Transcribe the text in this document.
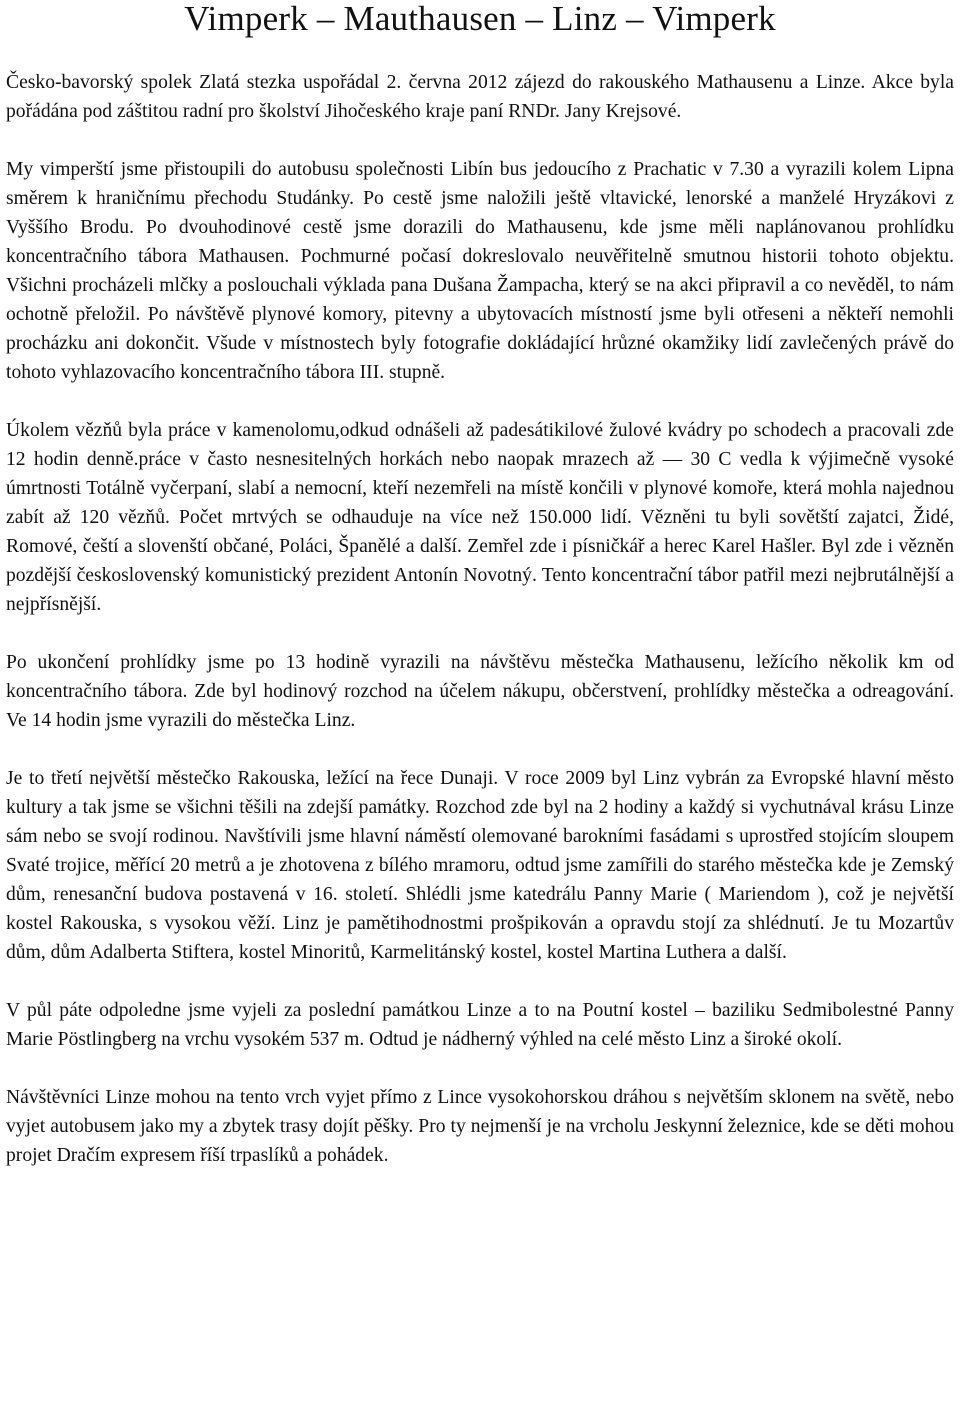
Vimperk – Mauthausen – Linz – Vimperk

Česko-bavorský spolek Zlatá stezka uspořádal 2. června 2012 zájezd do rakouského Mathausenu a Linze. Akce byla pořádána pod záštitou radní pro školství Jihočeského kraje paní RNDr. Jany Krejsové.

My vimperští jsme přistoupili do autobusu společnosti Libín bus jedoucího z Prachatic v 7.30 a vyrazili kolem Lipna směrem k hraničnímu přechodu Studánky. Po cestě jsme naložili ještě vltavické, lenorské a manželé Hryzákovi z Vyššího Brodu. Po dvouhodinové cestě jsme dorazili do Mathausenu, kde jsme měli naplánovanou prohlídku koncentračního tábora Mathausen. Pochmurné počasí dokreslovalo neuvěřitelně smutnou historii tohoto objektu. Všichni procházeli mlčky a poslouchali výklada pana Dušana Žampacha, který se na akci připravil a co nevěděl, to nám ochotně přeložil. Po návštěvě plynové komory, pitevny a ubytovacích místností jsme byli otřeseni a někteří nemohli procházku ani dokončit. Všude v místnostech byly fotografie dokládající hrůzné okamžiky lidí zavlečených právě do tohoto vyhlazovacího koncentračního tábora III. stupně.

Úkolem vězňů byla práce v kamenolomu,odkud odnášeli až padesátikilové žulové kvádry po schodech a pracovali zde 12 hodin denně.práce v často nesnesitelných horkách nebo naopak mrazech až — 30 C vedla k výjimečně vysoké úmrtnosti Totálně vyčerpaní, slabí a nemocní, kteří nezemřeli na místě končili v plynové komoře, která mohla najednou zabít až 120 vězňů. Počet mrtvých se odhauduje na více než 150.000 lidí. Vězněni tu byli sovětští zajatci, Židé, Romové, čeští a slovenští občané, Poláci, Španělé a další. Zemřel zde i písničkář a herec Karel Hašler. Byl zde i vězněn pozdější československý komunistický prezident Antonín Novotný. Tento koncentrační tábor patřil mezi nejbrutálnější a nejpřísnější.

Po ukončení prohlídky jsme po 13 hodině vyrazili na návštěvu městečka Mathausenu, ležícího několik km od koncentračního tábora. Zde byl hodinový rozchod na účelem nákupu, občerstvení, prohlídky městečka a odreagování. Ve 14 hodin jsme vyrazili do městečka Linz.

Je to třetí největší městečko Rakouska, ležící na řece Dunaji. V roce 2009 byl Linz vybrán za Evropské hlavní město kultury a tak jsme se všichni těšili na zdejší památky. Rozchod zde byl na 2 hodiny a každý si vychutnával krásu Linze sám nebo se svojí rodinou. Navštívili jsme hlavní náměstí olemované barokními fasádami s uprostřed stojícím sloupem Svaté trojice, měřící 20 metrů a je zhotovena z bílého mramoru, odtud jsme zamířili do starého městečka kde je Zemský dům, renesanční budova postavená v 16. století. Shlédli jsme katedrálu Panny Marie ( Mariendom ), což je největší kostel Rakouska, s vysokou věží. Linz je pamětihodnostmi prošpikován a opravdu stojí za shlédnutí. Je tu Mozartův dům, dům Adalberta Stiftera, kostel Minoritů, Karmelitánský kostel, kostel Martina Luthera a další.

V půl páte odpoledne jsme vyjeli za poslední památkou Linze a to na Poutní kostel – baziliku Sedmibolestné Panny Marie Pöstlingberg na vrchu vysokém 537 m. Odtud je nádherný výhled na celé město Linz a široké okolí.

Návštěvníci Linze mohou na tento vrch vyjet přímo z Lince vysokohorskou dráhou s největším sklonem na světě, nebo vyjet autobusem jako my a zbytek trasy dojít pěšky. Pro ty nejmenší je na vrcholu Jeskynní železnice, kde se děti mohou projet Dračím expresem říší trpaslíků a pohádek.
